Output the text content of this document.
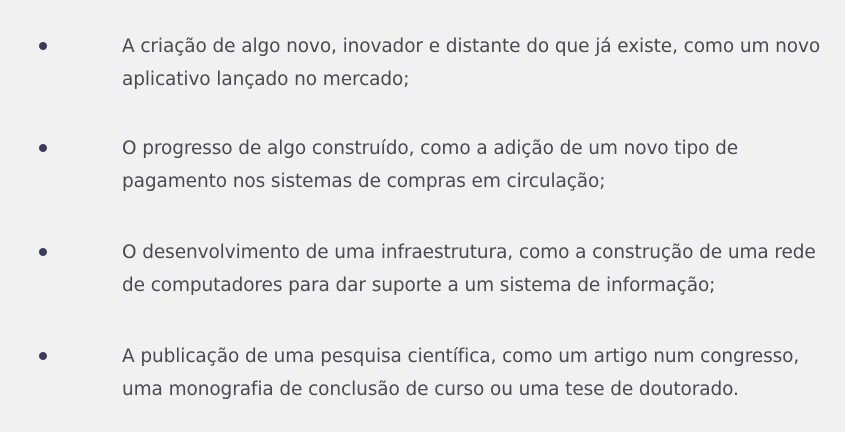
A criação de algo novo, inovador e distante do que já existe, como um novo
aplicativo lançado no mercado;
O progresso de algo construído, como a adição de um novo tipo de
pagamento nos sistemas de compras em circulação;
O desenvolvimento de uma infraestrutura, como a construção de uma rede
de computadores para dar suporte a um sistema de informação;
A publicação de uma pesquisa científica, como um artigo num congresso,
uma monografia de conclusão de curso ou uma tese de doutorado.
